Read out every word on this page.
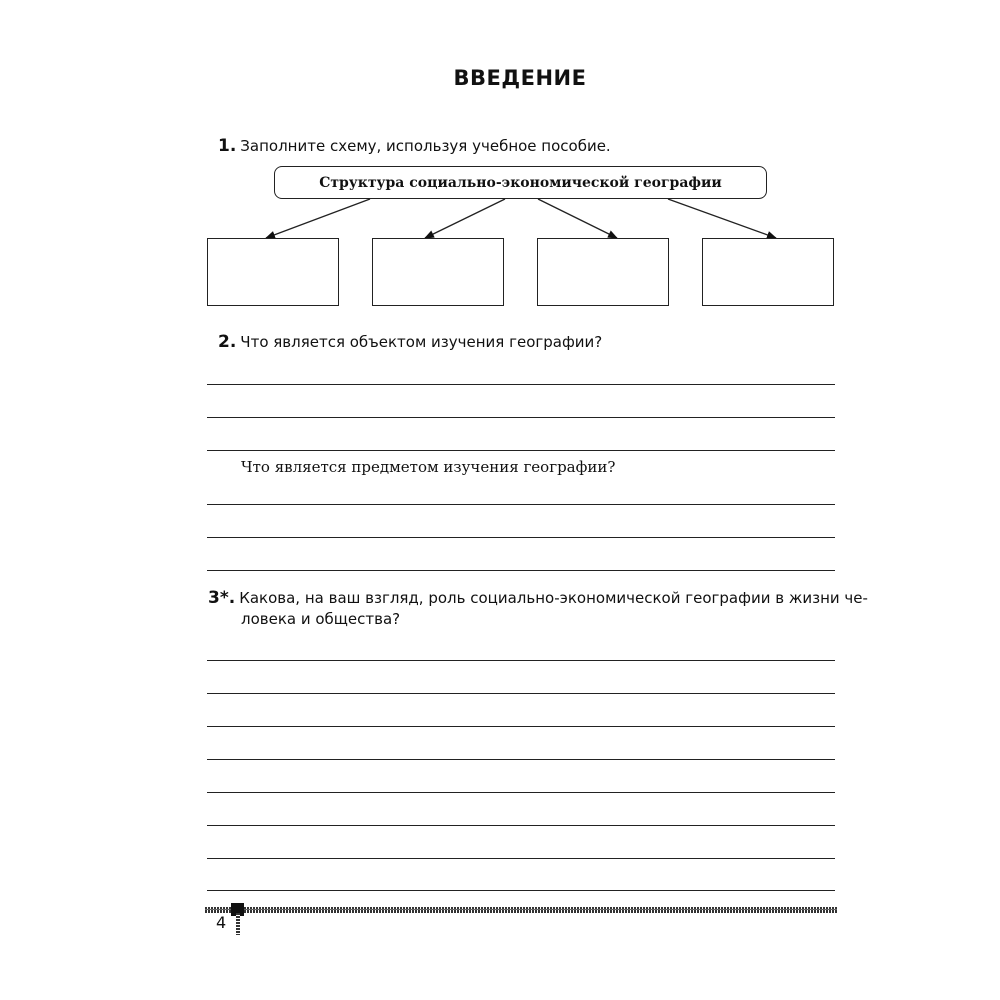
ВВЕДЕНИЕ
1. Заполните схему, используя учебное пособие.
Структура социально-экономической географии
2. Что является объектом изучения географии?
Что является предметом изучения географии?
3*. Какова, на ваш взгляд, роль социально-экономической географии в жизни че-
ловека и общества?
4
